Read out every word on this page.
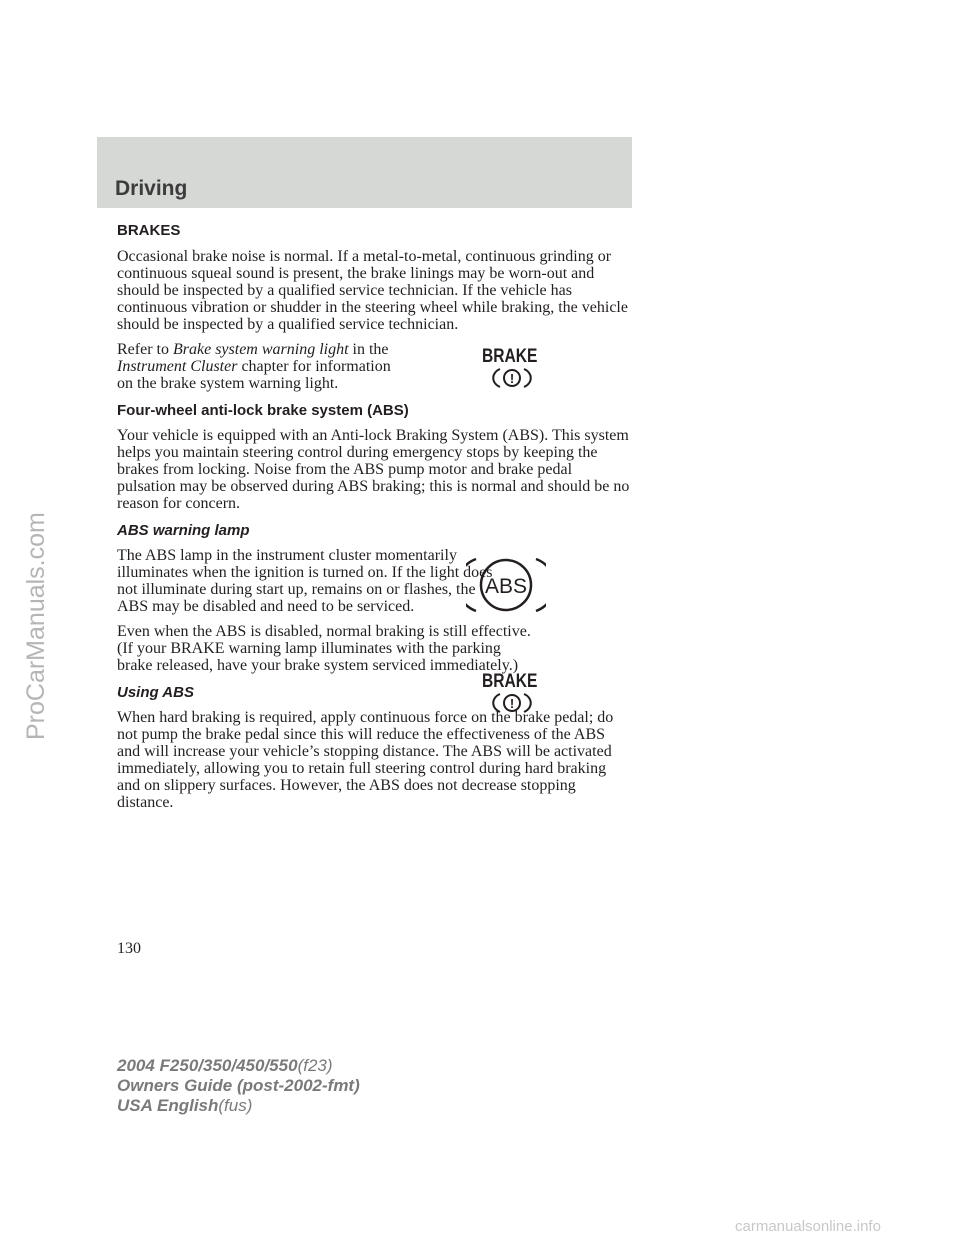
Driving
BRAKES

Occasional brake noise is normal. If a metal-to-metal, continuous grinding or continuous squeal sound is present, the brake linings may be worn-out and should be inspected by a qualified service technician. If the vehicle has continuous vibration or shudder in the steering wheel while braking, the vehicle should be inspected by a qualified service technician.

Refer to Brake system warning light in the Instrument Cluster chapter for information on the brake system warning light.

Four-wheel anti-lock brake system (ABS)

Your vehicle is equipped with an Anti-lock Braking System (ABS). This system helps you maintain steering control during emergency stops by keeping the brakes from locking. Noise from the ABS pump motor and brake pedal pulsation may be observed during ABS braking; this is normal and should be no reason for concern.

ABS warning lamp

The ABS lamp in the instrument cluster momentarily illuminates when the ignition is turned on. If the light does not illuminate during start up, remains on or flashes, the ABS may be disabled and need to be serviced.

Even when the ABS is disabled, normal braking is still effective. (If your BRAKE warning lamp illuminates with the parking brake released, have your brake system serviced immediately.)

Using ABS

When hard braking is required, apply continuous force on the brake pedal; do not pump the brake pedal since this will reduce the effectiveness of the ABS and will increase your vehicle’s stopping distance. The ABS will be activated immediately, allowing you to retain full steering control during hard braking and on slippery surfaces. However, the ABS does not decrease stopping distance.

BRAKE
!
ABS
BRAKE
!
130
2004 F250/350/450/550(f23)
Owners Guide (post-2002-fmt)
USA English(fus)
ProCarManuals.com
carmanualsonline.info
